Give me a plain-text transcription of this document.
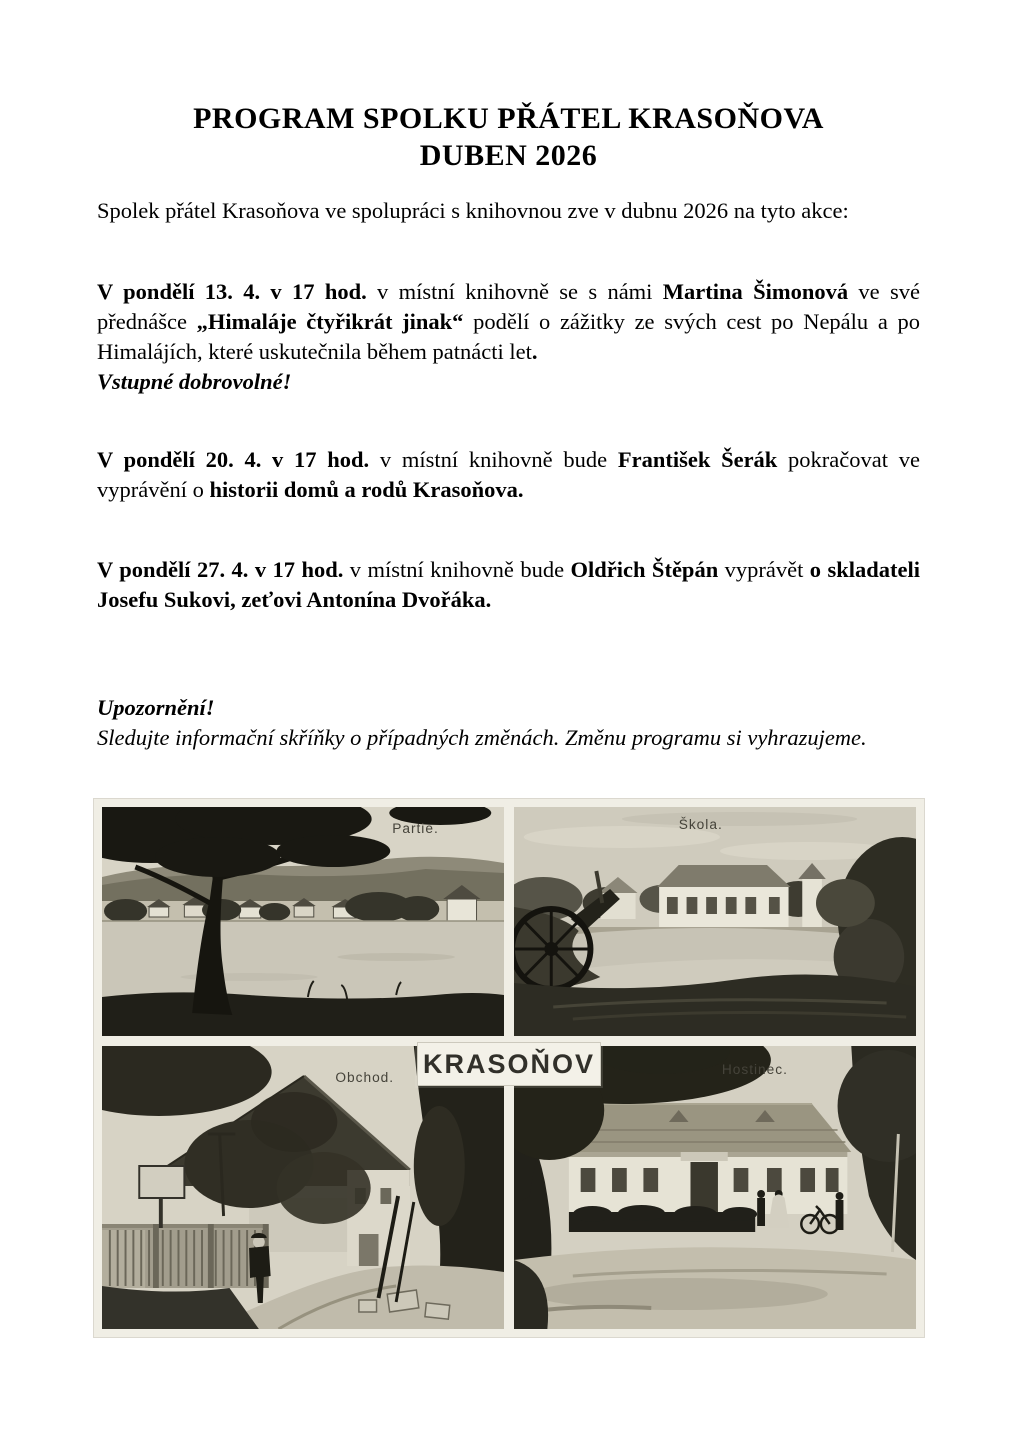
PROGRAM SPOLKU PŘÁTEL KRASOŇOVA
DUBEN 2026

Spolek přátel Krasoňova ve spolupráci s knihovnou zve v dubnu 2026 na tyto akce:

V pondělí 13. 4. v 17 hod. v místní knihovně se s námi Martina Šimonová ve své přednášce „Himaláje čtyřikrát jinak“ podělí o zážitky ze svých cest po Nepálu a po Himalájích, které uskutečnila během patnácti let.

Vstupné dobrovolné!

V pondělí 20. 4. v 17 hod. v místní knihovně bude František Šerák pokračovat ve vyprávění o historii domů a rodů Krasoňova.

V pondělí 27. 4. v 17 hod. v místní knihovně bude Oldřich Štěpán vyprávět o skladateli Josefu Sukovi, zeťovi Antonína Dvořáka.

Upozornění!

Sledujte informační skříňky o případných změnách. Změnu programu si vyhrazujeme.

Partie.	Škola.
Obchod.	Hostinec.
KRASOŇOV
